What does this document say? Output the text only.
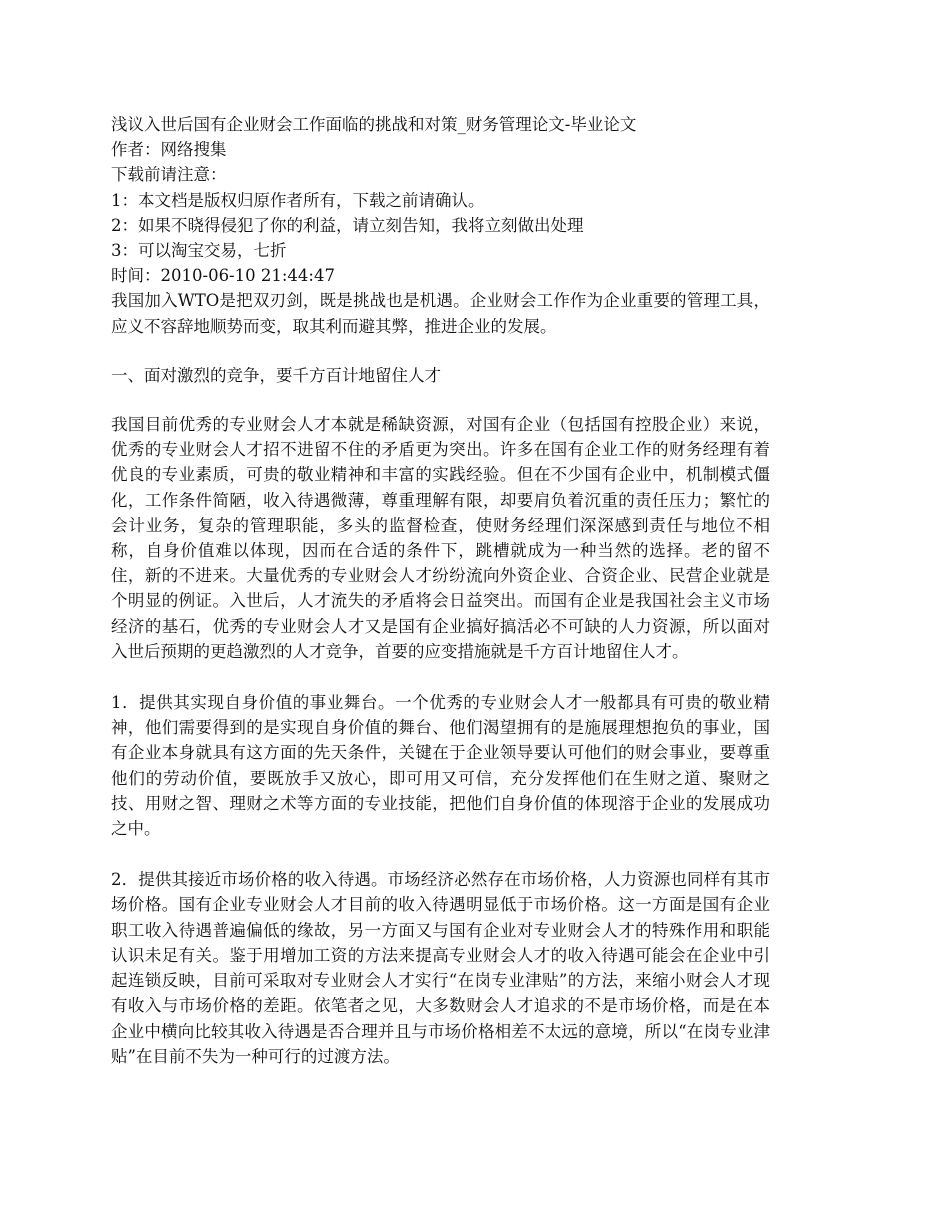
浅议入世后国有企业财会工作面临的挑战和对策_财务管理论文-毕业论文

作者：网络搜集

下载前请注意：

1：本文档是版权归原作者所有，下载之前请确认。

2：如果不晓得侵犯了你的利益，请立刻告知，我将立刻做出处理

3：可以淘宝交易，七折

时间：2010-06-10 21:44:47

我国加入WTO是把双刃剑，既是挑战也是机遇。企业财会工作作为企业重要的管理工具，应义不容辞地顺势而变，取其利而避其弊，推进企业的发展。

一、面对激烈的竞争，要千方百计地留住人才

我国目前优秀的专业财会人才本就是稀缺资源，对国有企业（包括国有控股企业）来说，优秀的专业财会人才招不进留不住的矛盾更为突出。许多在国有企业工作的财务经理有着优良的专业素质，可贵的敬业精神和丰富的实践经验。但在不少国有企业中，机制模式僵化，工作条件简陋，收入待遇微薄，尊重理解有限，却要肩负着沉重的责任压力；繁忙的会计业务，复杂的管理职能，多头的监督检查，使财务经理们深深感到责任与地位不相称，自身价值难以体现，因而在合适的条件下，跳槽就成为一种当然的选择。老的留不住，新的不进来。大量优秀的专业财会人才纷纷流向外资企业、合资企业、民营企业就是个明显的例证。入世后，人才流失的矛盾将会日益突出。而国有企业是我国社会主义市场经济的基石，优秀的专业财会人才又是国有企业搞好搞活必不可缺的人力资源，所以面对入世后预期的更趋激烈的人才竞争，首要的应变措施就是千方百计地留住人才。

1．提供其实现自身价值的事业舞台。一个优秀的专业财会人才一般都具有可贵的敬业精神，他们需要得到的是实现自身价值的舞台、他们渴望拥有的是施展理想抱负的事业，国有企业本身就具有这方面的先天条件，关键在于企业领导要认可他们的财会事业，要尊重他们的劳动价值，要既放手又放心，即可用又可信，充分发挥他们在生财之道、聚财之技、用财之智、理财之术等方面的专业技能，把他们自身价值的体现溶于企业的发展成功之中。

2．提供其接近市场价格的收入待遇。市场经济必然存在市场价格，人力资源也同样有其市场价格。国有企业专业财会人才目前的收入待遇明显低于市场价格。这一方面是国有企业职工收入待遇普遍偏低的缘故，另一方面又与国有企业对专业财会人才的特殊作用和职能认识未足有关。鉴于用增加工资的方法来提高专业财会人才的收入待遇可能会在企业中引起连锁反映，目前可采取对专业财会人才实行“在岗专业津贴”的方法，来缩小财会人才现有收入与市场价格的差距。依笔者之见，大多数财会人才追求的不是市场价格，而是在本企业中横向比较其收入待遇是否合理并且与市场价格相差不太远的意境，所以“在岗专业津贴”在目前不失为一种可行的过渡方法。
